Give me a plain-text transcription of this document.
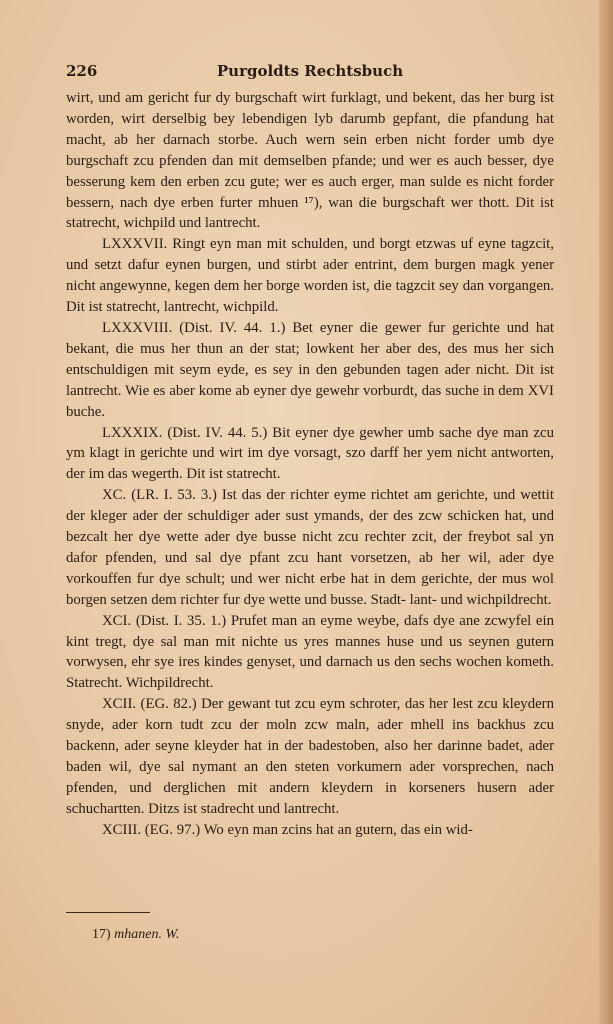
226	Purgoldts Rechtsbuch

wirt, und am gericht fur dy burgschaft wirt furklagt, und bekent, das her burg ist worden, wirt derselbig bey lebendigen lyb darumb gepfant, die pfandung hat macht, ab her darnach storbe. Auch wern sein erben nicht forder umb dye burgschaft zcu pfenden dan mit demselben pfande; und wer es auch besser, dye besserung kem den erben zcu gute; wer es auch erger, man sulde es nicht forder bessern, nach dye erben furter mhuen ¹⁷), wan die burgschaft wer thott. Dit ist statrecht, wichpild und lantrecht.

LXXXVII. Ringt eyn man mit schulden, und borgt etzwas uf eyne tagzcit, und setzt dafur eynen burgen, und stirbt ader entrint, dem burgen magk yener nicht angewynne, kegen dem her borge worden ist, die tagzcit sey dan vorgangen. Dit ist statrecht, lantrecht, wichpild.

LXXXVIII. (Dist. IV. 44. 1.) Bet eyner die gewer fur gerichte und hat bekant, die mus her thun an der stat; lowkent her aber des, des mus her sich entschuldigen mit seym eyde, es sey in den gebunden tagen ader nicht. Dit ist lantrecht. Wie es aber kome ab eyner dye gewehr vorburdt, das suche in dem XVI buche.

LXXXIX. (Dist. IV. 44. 5.) Bit eyner dye gewher umb sache dye man zcu ym klagt in gerichte und wirt im dye vorsagt, szo darff her yem nicht antworten, der im das wegerth. Dit ist statrecht.

XC. (LR. I. 53. 3.) Ist das der richter eyme richtet am gerichte, und wettit der kleger ader der schuldiger ader sust ymands, der des zcw schicken hat, und bezcalt her dye wette ader dye busse nicht zcu rechter zcit, der freybot sal yn dafor pfenden, und sal dye pfant zcu hant vorsetzen, ab her wil, ader dye vorkouffen fur dye schult; und wer nicht erbe hat in dem gerichte, der mus wol borgen setzen dem richter fur dye wette und busse. Stadt- lant- und wichpildrecht.

XCI. (Dist. I. 35. 1.) Prufet man an eyme weybe, dafs dye ane zcwyfel ein kint tregt, dye sal man mit nichte us yres mannes huse und us seynen gutern vorwysen, ehr sye ires kindes genyset, und darnach us den sechs wochen kometh. Statrecht. Wichpildrecht.

XCII. (EG. 82.) Der gewant tut zcu eym schroter, das her lest zcu kleydern snyde, ader korn tudt zcu der moln zcw maln, ader mhell ins backhus zcu backenn, ader seyne kleyder hat in der badestoben, also her darinne badet, ader baden wil, dye sal nymant an den steten vorkumern ader vorsprechen, nach pfenden, und derglichen mit andern kleydern in korseners husern ader schuchartten. Ditzs ist stadrecht und lantrecht.

XCIII. (EG. 97.) Wo eyn man zcins hat an gutern, das ein wid-

17) mhanen. W.
